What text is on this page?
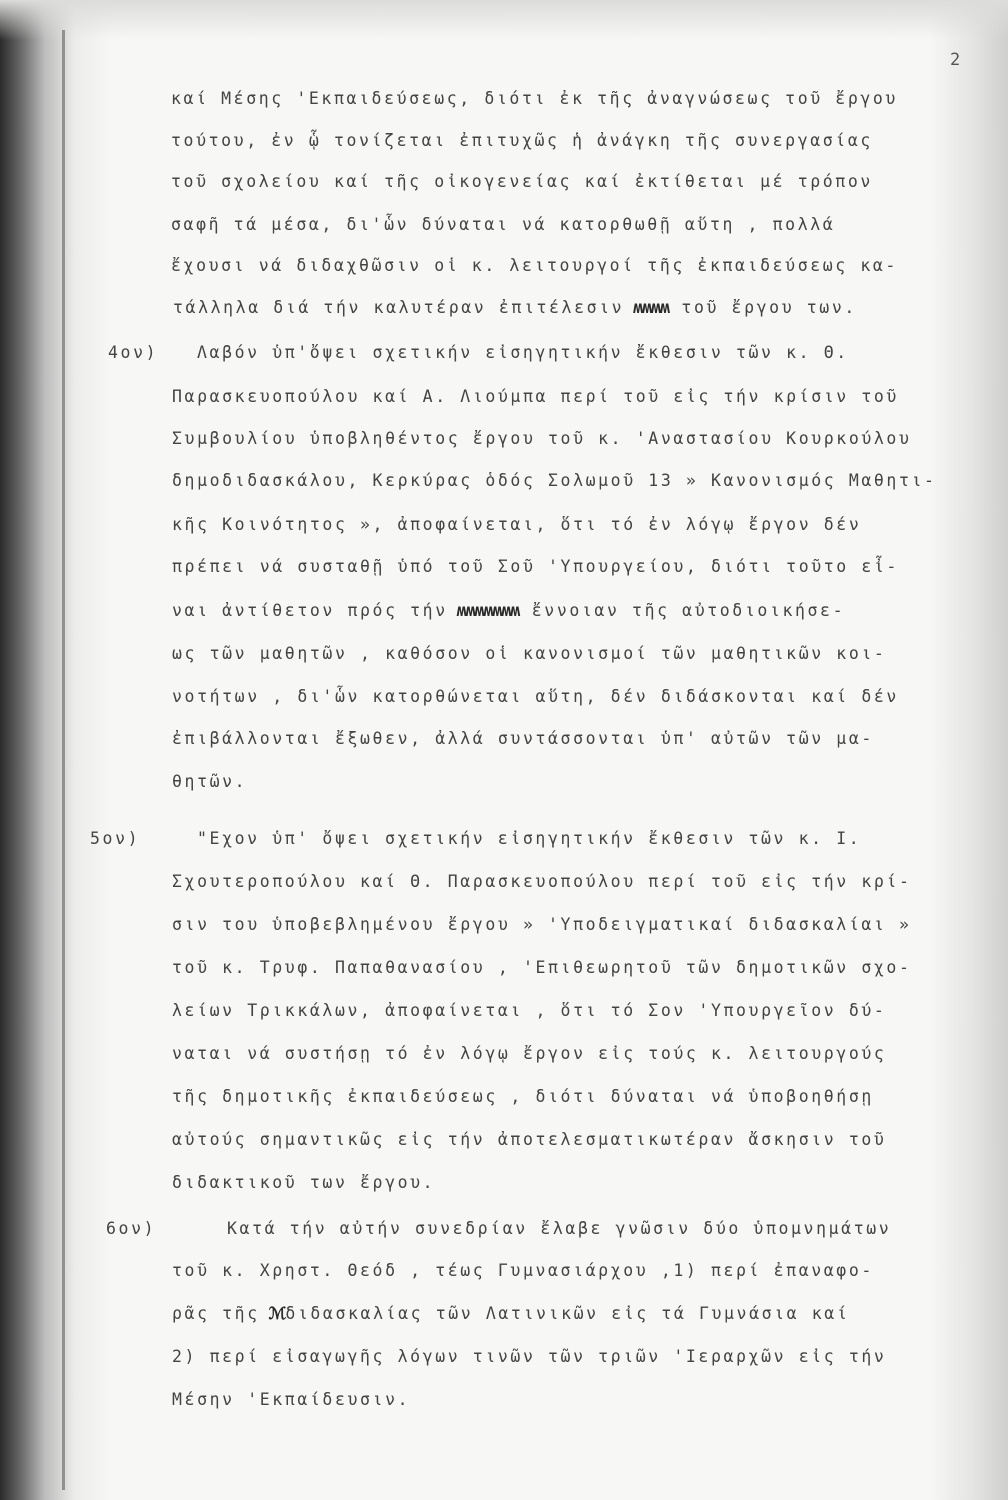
2
καί Μέσης 'Εκπαιδεύσεως, διότι ἐκ τῆς ἀναγνώσεως τοῦ ἔργου
τούτου, ἐν ᾧ τονίζεται ἐπιτυχῶς ἡ ἀνάγκη τῆς συνεργασίας
τοῦ σχολείου καί τῆς οἰκογενείας καί ἐκτίθεται μέ τρόπον
σαφῆ τά μέσα, δι'ὧν δύναται νά κατορθωθῇ αὕτη , πολλά
ἔχουσι νά διδαχθῶσιν οἱ κ. λειτουργοί τῆς ἐκπαιδεύσεως κα-
τάλληλα διά τήν καλυτέραν ἐπιτέλεσιν ʍʍʍʍ τοῦ ἔργου των.
4ον) Λαβόν ὑπ'ὄψει σχετικήν εἰσηγητικήν ἔκθεσιν τῶν κ. Θ.
Παρασκευοπούλου καί Α. Λιούμπα περί τοῦ εἰς τήν κρίσιν τοῦ
Συμβουλίου ὑποβληθέντος ἔργου τοῦ κ. 'Αναστασίου Κουρκούλου
δημοδιδασκάλου, Κερκύρας ὁδός Σολωμοῦ 13 » Κανονισμός Μαθητι-
κῆς Κοινότητος », ἀποφαίνεται, ὅτι τό ἐν λόγῳ ἔργον δέν
πρέπει νά συσταθῇ ὑπό τοῦ Σοῦ 'Υπουργείου, διότι τοῦτο εἶ-
ναι ἀντίθετον πρός τήν ʍʍʍʍʍʍʍ ἔννοιαν τῆς αὐτοδιοικήσε-
ως τῶν μαθητῶν , καθόσον οἱ κανονισμοί τῶν μαθητικῶν κοι-
νοτήτων , δι'ὧν κατορθώνεται αὕτη, δέν διδάσκονται καί δέν
ἐπιβάλλονται ἔξωθεν, ἀλλά συντάσσονται ὑπ' αὐτῶν τῶν μα-
θητῶν.
5ον)	"Εχον ὑπ' ὄψει σχετικήν εἰσηγητικήν ἔκθεσιν τῶν κ. Ι.
Σχουτεροπούλου καί Θ. Παρασκευοπούλου περί τοῦ εἰς τήν κρί-
σιν του ὑποβεβλημένου ἔργου » 'Υποδειγματικαί διδασκαλίαι »
τοῦ κ. Τρυφ. Παπαθανασίου , 'Επιθεωρητοῦ τῶν δημοτικῶν σχο-
λείων Τρικκάλων, ἀποφαίνεται , ὅτι τό Σον 'Υπουργεῖον δύ-
ναται νά συστήσῃ τό ἐν λόγῳ ἔργον εἰς τούς κ. λειτουργούς
τῆς δημοτικῆς ἐκπαιδεύσεως , διότι δύναται νά ὑποβοηθήσῃ
αὐτούς σημαντικῶς εἰς τήν ἀποτελεσματικωτέραν ἄσκησιν τοῦ
διδακτικοῦ των ἔργου.
6ον)	Κατά τήν αὐτήν συνεδρίαν ἔλαβε γνῶσιν δύο ὑπομνημάτων
τοῦ κ. Χρηστ. Θεόδ , τέως Γυμνασιάρχου ,1) περί ἐπαναφο-
ρᾶς τῆς ℳδιδασκαλίας τῶν Λατινικῶν εἰς τά Γυμνάσια καί
2) περί εἰσαγωγῆς λόγων τινῶν τῶν τριῶν 'Ιεραρχῶν εἰς τήν
Μέσην 'Εκπαίδευσιν.
